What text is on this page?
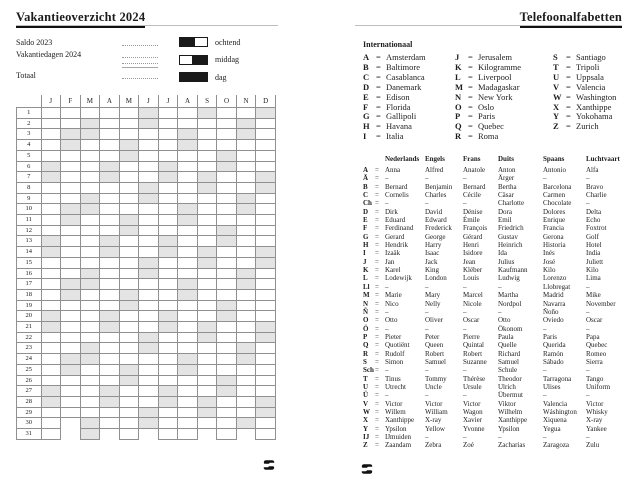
Vakantieoverzicht 2024
Saldo 2023
Vakantiedagen 2024
Totaal
ochtend
middag
dag
	J	F	M	A	M	J	J	A	S	O	N	D
1												
2												
3												
4												
5												
6												
7												
8												
9												
10												
11												
12												
13												
14												
15												
16												
17												
18												
19												
20												
21												
22												
23												
24												
25												
26												
27												
28												
29												
30												
31												
Telefoonalfabetten
Internationaal
A = Amsterdam
B = Baltimore
C = Casablanca
D = Danemark
E = Edison
F = Florida
G = Gallipoli
H = Havana
I = Italia
J = Jerusalem
K = Kilogramme
L = Liverpool
M = Madagaskar
N = New York
O = Oslo
P = Paris
Q = Quebec
R = Roma
S = Santiago
T = Tripoli
U = Uppsala
V = Valencia
W = Washington
X = Xanthippe
Y = Yokohama
Z = Zurich
		Nederlands	Engels	Frans	Duits	Spaans	Luchtvaart
A	=	Anna	Alfred	Anatole	Anton	Antonio	Alfa
Ä	=	–	–	–	Ärger	–	–
B	=	Bernard	Benjamin	Bernard	Bertha	Barcelona	Bravo
C	=	Cornelis	Charles	Cécile	Cäsar	Carmen	Charlie
Ch	=	–	–	–	Charlotte	Chocolate	–
D	=	Dirk	David	Dénise	Dora	Dolores	Delta
E	=	Eduard	Edward	Émile	Emil	Enrique	Echo
F	=	Ferdinand	Frederick	François	Friedrich	Francia	Foxtrot
G	=	Gerard	George	Gérard	Gustav	Gerona	Golf
H	=	Hendrik	Harry	Henri	Heinrich	Historia	Hotel
I	=	Izaäk	Isaac	Isidore	Ida	Inés	India
J	=	Jan	Jack	Jean	Julius	José	Juliett
K	=	Karel	King	Kléber	Kaufmann	Kilo	Kilo
L	=	Lodewijk	London	Louis	Ludwig	Lorenzo	Lima
Ll	=	–	–	–	–	Llobregat	–
M	=	Marie	Mary	Marcel	Martha	Madrid	Mike
N	=	Nico	Nelly	Nicole	Nordpol	Navarra	November
Ñ	=	–	–	–	–	Ñoño	–
O	=	Otto	Oliver	Oscar	Otto	Oviedo	Oscar
Ö	=	–	–	–	Ökonom	–	–
P	=	Pieter	Peter	Pierre	Paula	Paris	Papa
Q	=	Quotiënt	Queen	Quintal	Quelle	Querida	Quebec
R	=	Rudolf	Robert	Robert	Richard	Ramón	Romeo
S	=	Simon	Samuel	Suzanne	Samuel	Sábado	Sierra
Sch	=	–	–	–	Schule	–	–
T	=	Tinus	Tommy	Thérèse	Theodor	Tarragona	Tango
U	=	Utrecht	Uncle	Ursule	Ulrich	Ulises	Uniform
Ü	=	–	–	–	Übermut	–	–
V	=	Victor	Victor	Victor	Viktor	Valencia	Victor
W	=	Willem	William	Wagon	Wilhelm	Wáshington	Whisky
X	=	Xanthippe	X-ray	Xavier	Xanthippe	Xiquena	X-ray
Y	=	Ypsilon	Yellow	Yvonne	Ypsilon	Yegua	Yankee
IJ	=	IJmuiden	–	–	–	–	–
Z	=	Zaandam	Zebra	Zoé	Zacharias	Zaragoza	Zulu
